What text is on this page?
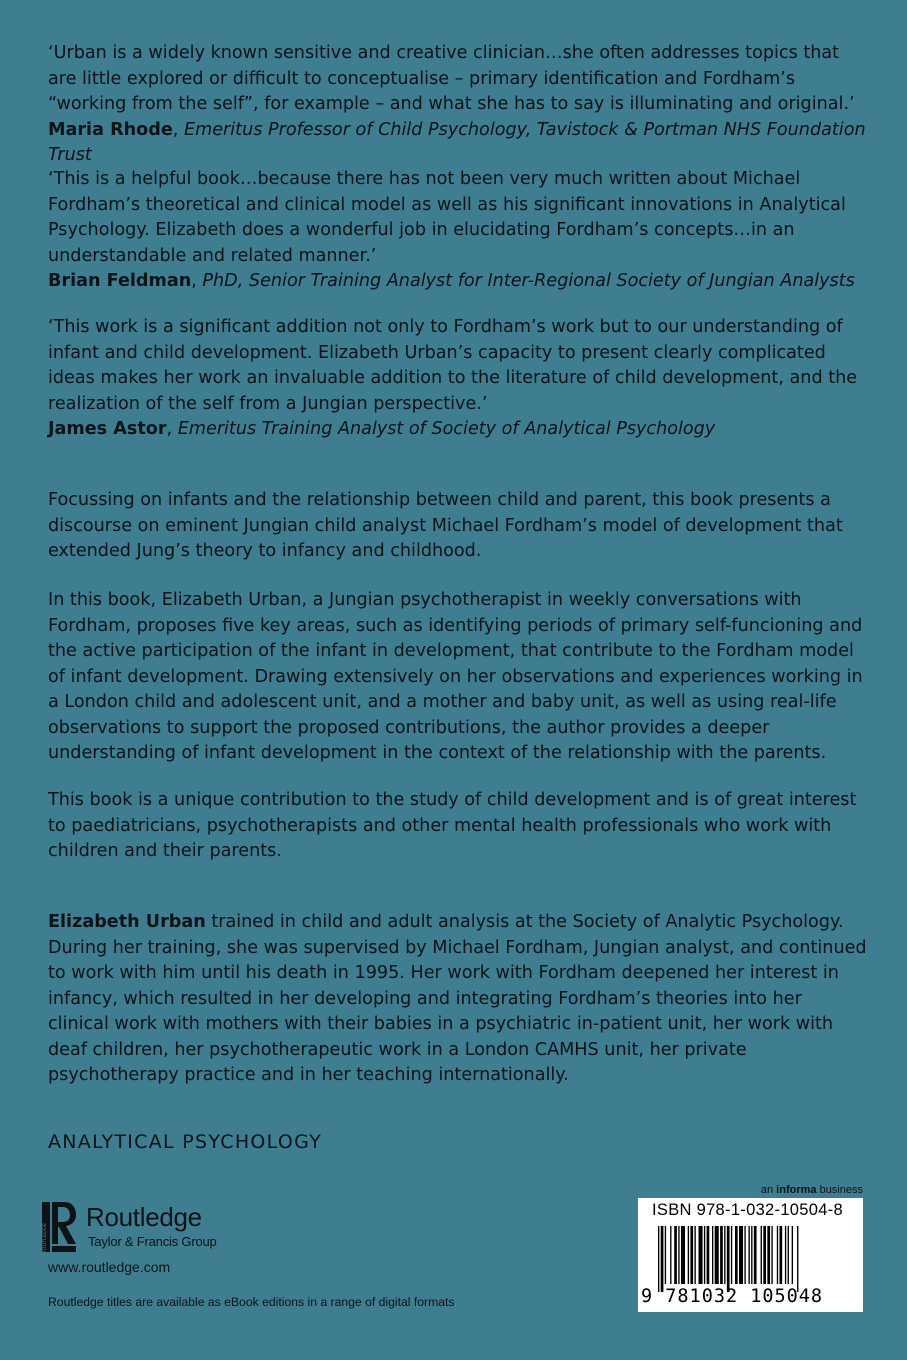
‘Urban is a widely known sensitive and creative clinician…she often addresses topics that are little explored or difficult to conceptualise – primary identification and Fordham’s “working from the self”, for example – and what she has to say is illuminating and original.’

Maria Rhode, Emeritus Professor of Child Psychology, Tavistock & Portman NHS Foundation Trust

‘This is a helpful book…because there has not been very much written about Michael Fordham’s theoretical and clinical model as well as his significant innovations in Analytical Psychology. Elizabeth does a wonderful job in elucidating Fordham’s concepts…in an understandable and related manner.’

Brian Feldman, PhD, Senior Training Analyst for Inter-Regional Society of Jungian Analysts

‘This work is a significant addition not only to Fordham’s work but to our understanding of infant and child development. Elizabeth Urban’s capacity to present clearly complicated ideas makes her work an invaluable addition to the literature of child development, and the realization of the self from a Jungian perspective.’

James Astor, Emeritus Training Analyst of Society of Analytical Psychology

Focussing on infants and the relationship between child and parent, this book presents a discourse on eminent Jungian child analyst Michael Fordham’s model of development that extended Jung’s theory to infancy and childhood.

In this book, Elizabeth Urban, a Jungian psychotherapist in weekly conversations with Fordham, proposes five key areas, such as identifying periods of primary self-funcioning and the active participation of the infant in development, that contribute to the Fordham model of infant development. Drawing extensively on her observations and experiences working in a London child and adolescent unit, and a mother and baby unit, as well as using real-life observations to support the proposed contributions, the author provides a deeper understanding of infant development in the context of the relationship with the parents.

This book is a unique contribution to the study of child development and is of great interest to paediatricians, psychotherapists and other mental health professionals who work with children and their parents.

Elizabeth Urban trained in child and adult analysis at the Society of Analytic Psychology. During her training, she was supervised by Michael Fordham, Jungian analyst, and continued to work with him until his death in 1995. Her work with Fordham deepened her interest in infancy, which resulted in her developing and integrating Fordham’s theories into her clinical work with mothers with their babies in a psychiatric in-patient unit, her work with deaf children, her psychotherapeutic work in a London CAMHS unit, her private psychotherapy practice and in her teaching internationally.

ANALYTICAL PSYCHOLOGY
ROUTLEDGE
Routledge
Taylor & Francis Group
www.routledge.com
Routledge titles are available as eBook editions in a range of digital formats
an informa business
ISBN 978-1-032-10504-8
9 781032 105048
